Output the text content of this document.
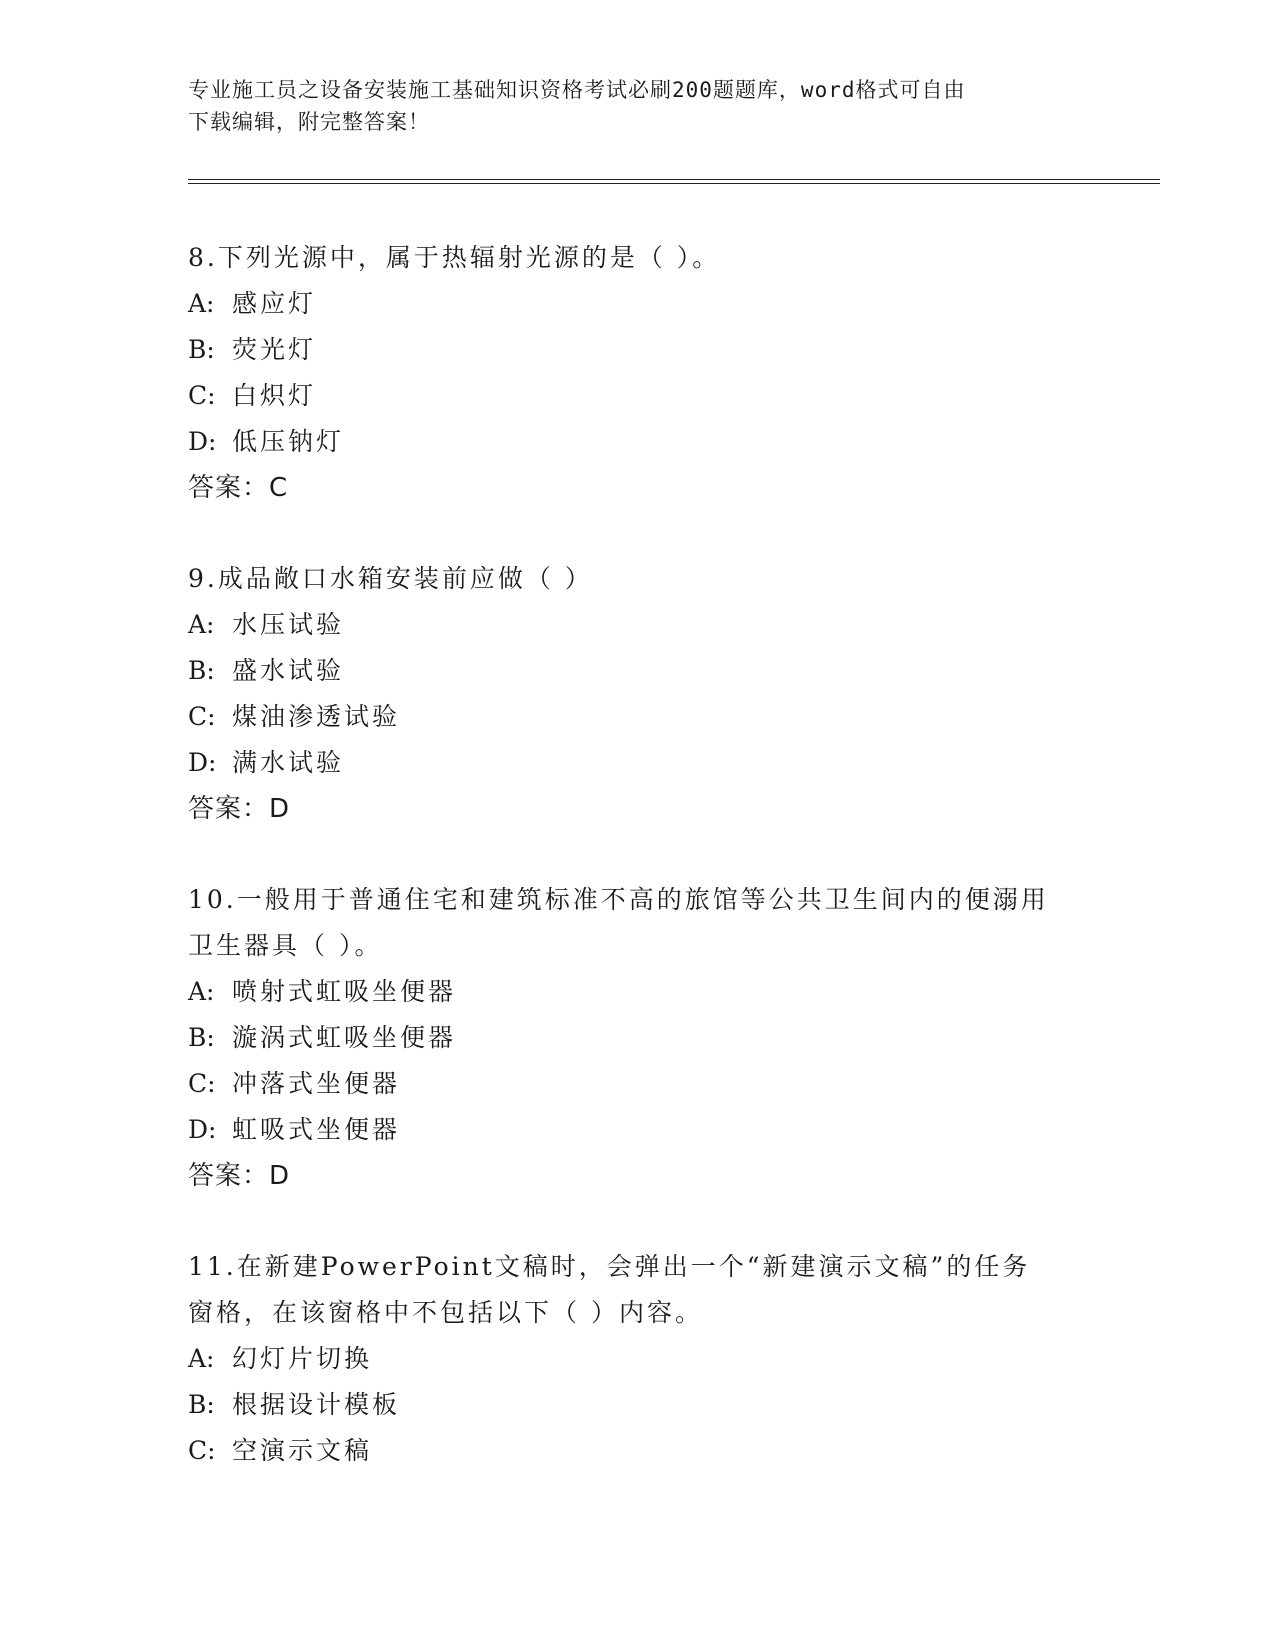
专业施工员之设备安装施工基础知识资格考试必刷200题题库，word格式可自由
下载编辑，附完整答案！

8.下列光源中，属于热辐射光源的是（ ）。

A: 感应灯

B: 荧光灯

C: 白炽灯

D: 低压钠灯

答案：C

9.成品敞口水箱安装前应做（ ）

A: 水压试验

B: 盛水试验

C: 煤油渗透试验

D: 满水试验

答案：D

10.一般用于普通住宅和建筑标准不高的旅馆等公共卫生间内的便溺用

卫生器具（ ）。

A: 喷射式虹吸坐便器

B: 漩涡式虹吸坐便器

C: 冲落式坐便器

D: 虹吸式坐便器

答案：D

11.在新建PowerPoint文稿时，会弹出一个“新建演示文稿”的任务

窗格，在该窗格中不包括以下（ ）内容。

A: 幻灯片切换

B: 根据设计模板

C: 空演示文稿
